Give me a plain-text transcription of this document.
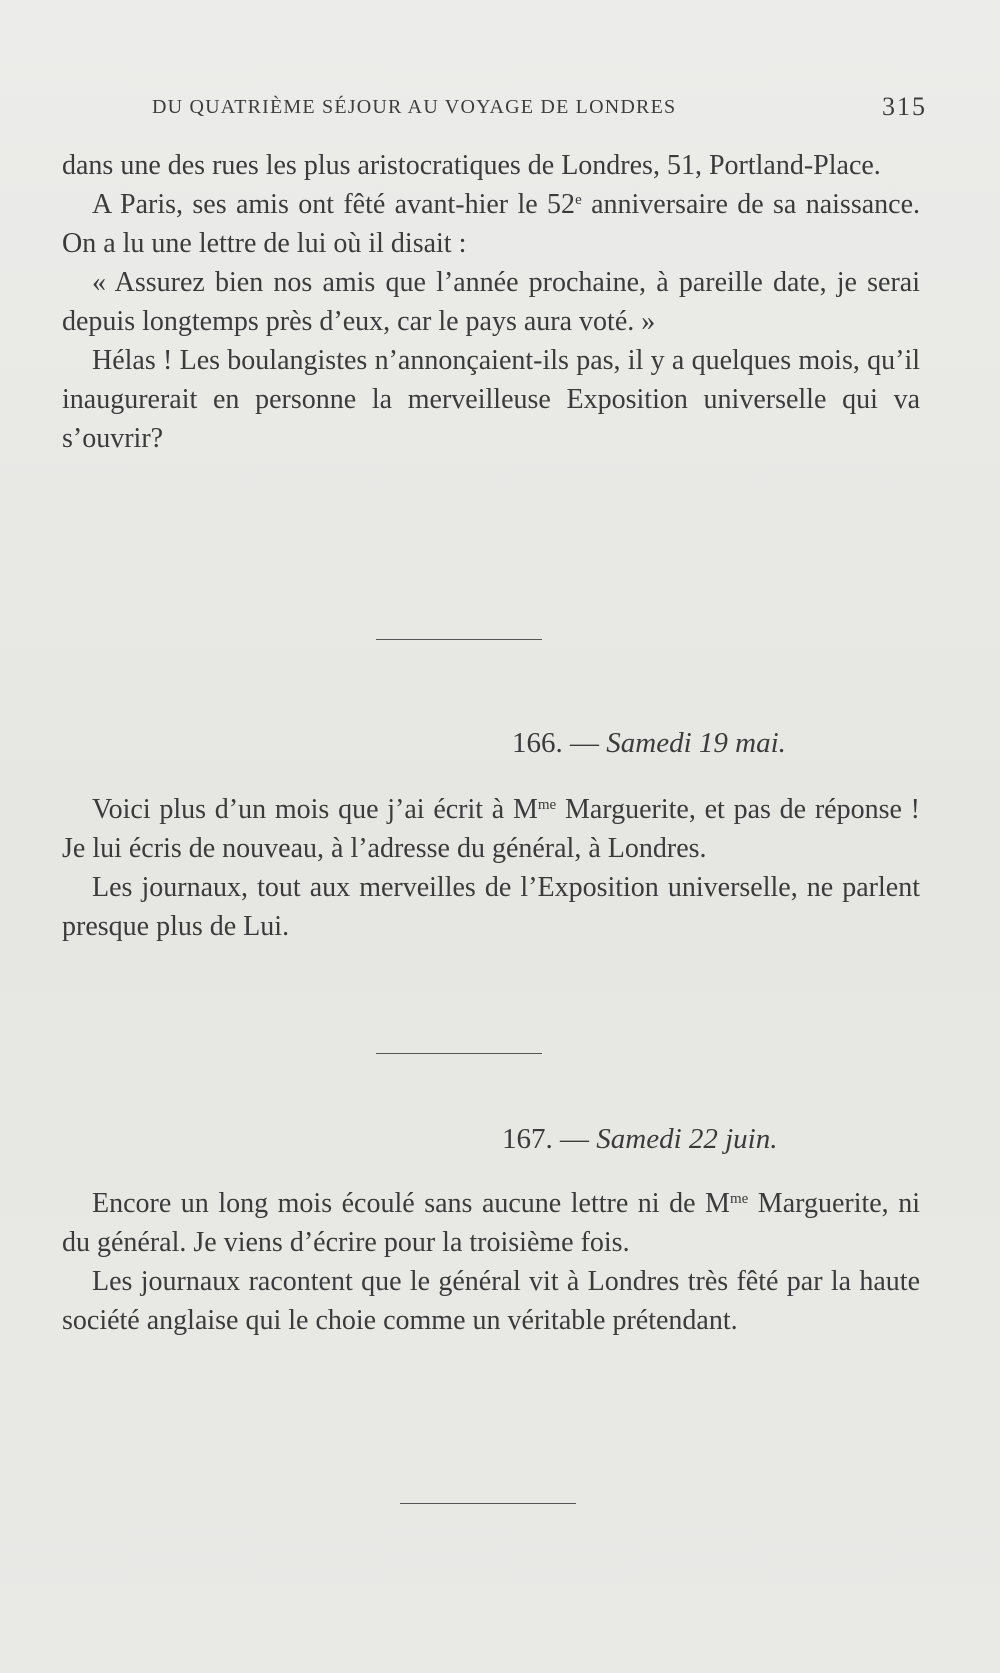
DU QUATRIÈME SÉJOUR AU VOYAGE DE LONDRES	315

dans une des rues les plus aristocratiques de Londres, 51, Portland-Place.

A Paris, ses amis ont fêté avant-hier le 52e anniversaire de sa naissance. On a lu une lettre de lui où il disait :

« Assurez bien nos amis que l’année prochaine, à pareille date, je serai depuis longtemps près d’eux, car le pays aura voté. »

Hélas ! Les boulangistes n’annonçaient-ils pas, il y a quelques mois, qu’il inaugurerait en personne la merveilleuse Exposition universelle qui va s’ouvrir?

166. — Samedi 19 mai.

Voici plus d’un mois que j’ai écrit à $M^{me}$ Marguerite, et pas de réponse ! Je lui écris de nouveau, à l’adresse du général, à Londres.

Les journaux, tout aux merveilles de l’Exposition universelle, ne parlent presque plus de Lui.

167. — Samedi 22 juin.

Encore un long mois écoulé sans aucune lettre ni de $M^{me}$ Marguerite, ni du général. Je viens d’écrire pour la troisième fois.

Les journaux racontent que le général vit à Londres très fêté par la haute société anglaise qui le choie comme un véritable prétendant.
